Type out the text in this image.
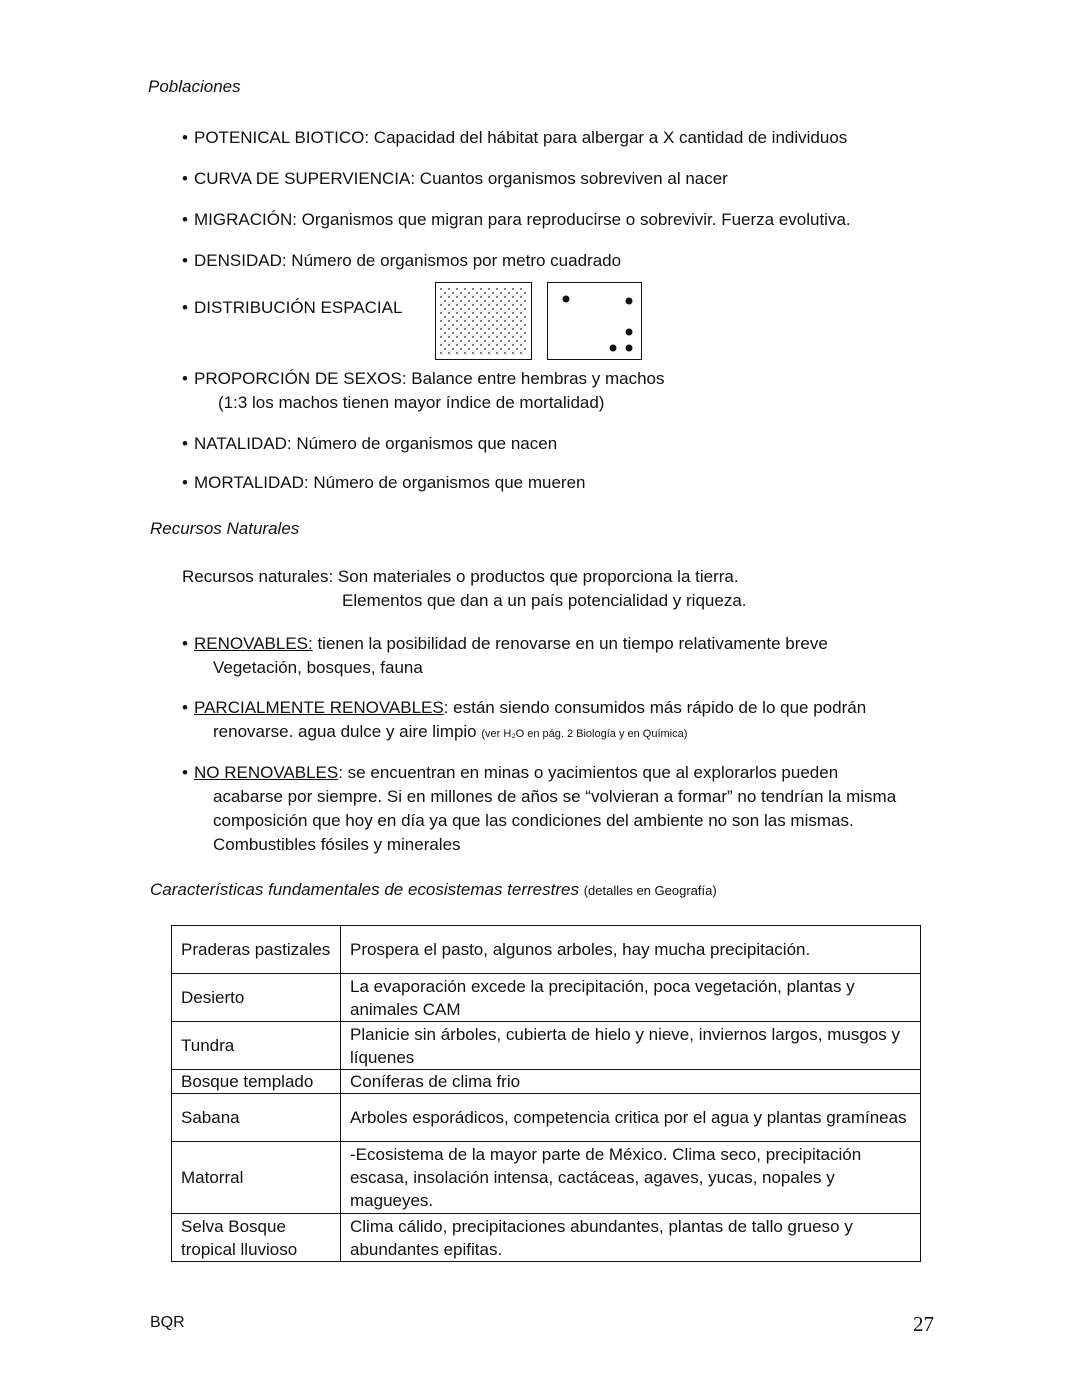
Poblaciones
• POTENICAL BIOTICO: Capacidad del hábitat para albergar a X cantidad de individuos
• CURVA DE SUPERVIENCIA: Cuantos organismos sobreviven al nacer
• MIGRACIÓN: Organismos que migran para reproducirse o sobrevivir. Fuerza evolutiva.
• DENSIDAD: Número de organismos por metro cuadrado
• DISTRIBUCIÓN ESPACIAL
• PROPORCIÓN DE SEXOS: Balance entre hembras y machos
(1:3 los machos tienen mayor índice de mortalidad)
• NATALIDAD: Número de organismos que nacen
• MORTALIDAD: Número de organismos que mueren
Recursos Naturales
Recursos naturales: Son materiales o productos que proporciona la tierra.
Elementos que dan a un país potencialidad y riqueza.
• RENOVABLES: tienen la posibilidad de renovarse en un tiempo relativamente breve
Vegetación, bosques, fauna
• PARCIALMENTE RENOVABLES: están siendo consumidos más rápido de lo que podrán
renovarse. agua dulce y aire limpio (ver H₂O en pág. 2 Biología y en Química)
• NO RENOVABLES: se encuentran en minas o yacimientos que al explorarlos pueden
acabarse por siempre. Si en millones de años se “volvieran a formar” no tendrían la misma
composición que hoy en día ya que las condiciones del ambiente no son las mismas.
Combustibles fósiles y minerales
Características fundamentales de ecosistemas terrestres (detalles en Geografía)
Praderas pastizales	Prospera el pasto, algunos arboles, hay mucha precipitación.
Desierto	La evaporación excede la precipitación, poca vegetación, plantas y animales CAM
Tundra	Planicie sin árboles, cubierta de hielo y nieve, inviernos largos, musgos y líquenes
Bosque templado	Coníferas de clima frio
Sabana	Arboles esporádicos, competencia critica por el agua y plantas gramíneas
Matorral	-Ecosistema de la mayor parte de México. Clima seco, precipitación escasa, insolación intensa, cactáceas, agaves, yucas, nopales y magueyes.
Selva Bosque tropical lluvioso	Clima cálido, precipitaciones abundantes, plantas de tallo grueso y abundantes epifitas.
BQR	27
